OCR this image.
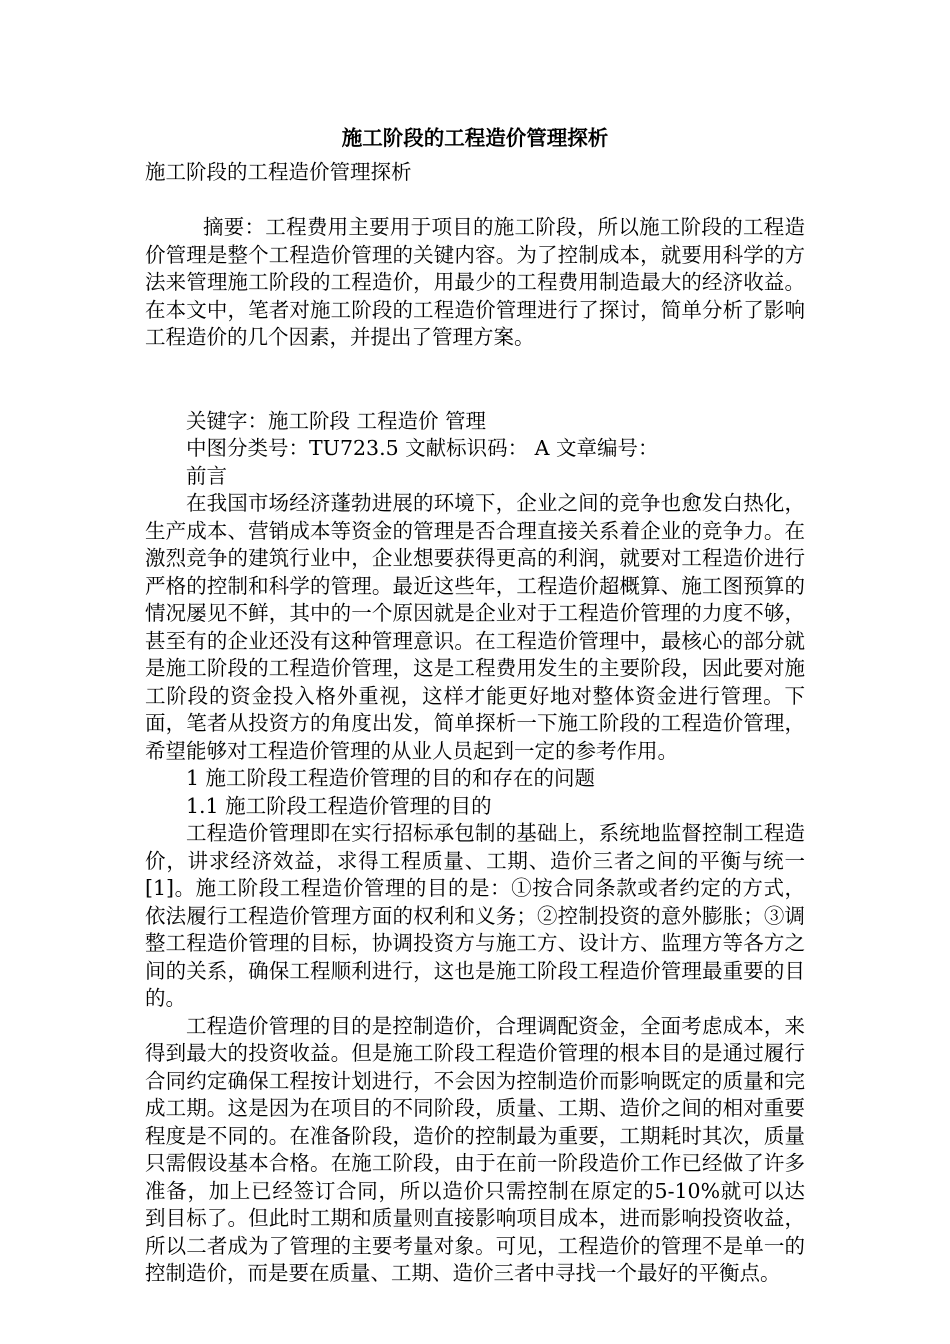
施工阶段的工程造价管理探析

施工阶段的工程造价管理探析

摘要：工程费用主要用于项目的施工阶段，所以施工阶段的工程造价管理是整个工程造价管理的关键内容。为了控制成本，就要用科学的方法来管理施工阶段的工程造价，用最少的工程费用制造最大的经济收益。在本文中，笔者对施工阶段的工程造价管理进行了探讨，简单分析了影响工程造价的几个因素，并提出了管理方案。

关键字：施工阶段 工程造价 管理

中图分类号：TU723.5 文献标识码： A 文章编号：

前言

在我国市场经济蓬勃进展的环境下，企业之间的竞争也愈发白热化，生产成本、营销成本等资金的管理是否合理直接关系着企业的竞争力。在激烈竞争的建筑行业中，企业想要获得更高的利润，就要对工程造价进行严格的控制和科学的管理。最近这些年，工程造价超概算、施工图预算的情况屡见不鲜，其中的一个原因就是企业对于工程造价管理的力度不够，甚至有的企业还没有这种管理意识。在工程造价管理中，最核心的部分就是施工阶段的工程造价管理，这是工程费用发生的主要阶段，因此要对施工阶段的资金投入格外重视，这样才能更好地对整体资金进行管理。下面，笔者从投资方的角度出发，简单探析一下施工阶段的工程造价管理，希望能够对工程造价管理的从业人员起到一定的参考作用。

1 施工阶段工程造价管理的目的和存在的问题

1.1 施工阶段工程造价管理的目的

工程造价管理即在实行招标承包制的基础上，系统地监督控制工程造价，讲求经济效益，求得工程质量、工期、造价三者之间的平衡与统一[1]。施工阶段工程造价管理的目的是：①按合同条款或者约定的方式，依法履行工程造价管理方面的权利和义务；②控制投资的意外膨胀；③调整工程造价管理的目标，协调投资方与施工方、设计方、监理方等各方之间的关系，确保工程顺利进行，这也是施工阶段工程造价管理最重要的目的。

工程造价管理的目的是控制造价，合理调配资金，全面考虑成本，来得到最大的投资收益。但是施工阶段工程造价管理的根本目的是通过履行合同约定确保工程按计划进行，不会因为控制造价而影响既定的质量和完成工期。这是因为在项目的不同阶段，质量、工期、造价之间的相对重要程度是不同的。在准备阶段，造价的控制最为重要，工期耗时其次，质量只需假设基本合格。在施工阶段，由于在前一阶段造价工作已经做了许多准备，加上已经签订合同，所以造价只需控制在原定的5-10%就可以达到目标了。但此时工期和质量则直接影响项目成本，进而影响投资收益，所以二者成为了管理的主要考量对象。可见，工程造价的管理不是单一的控制造价，而是要在质量、工期、造价三者中寻找一个最好的平衡点。
